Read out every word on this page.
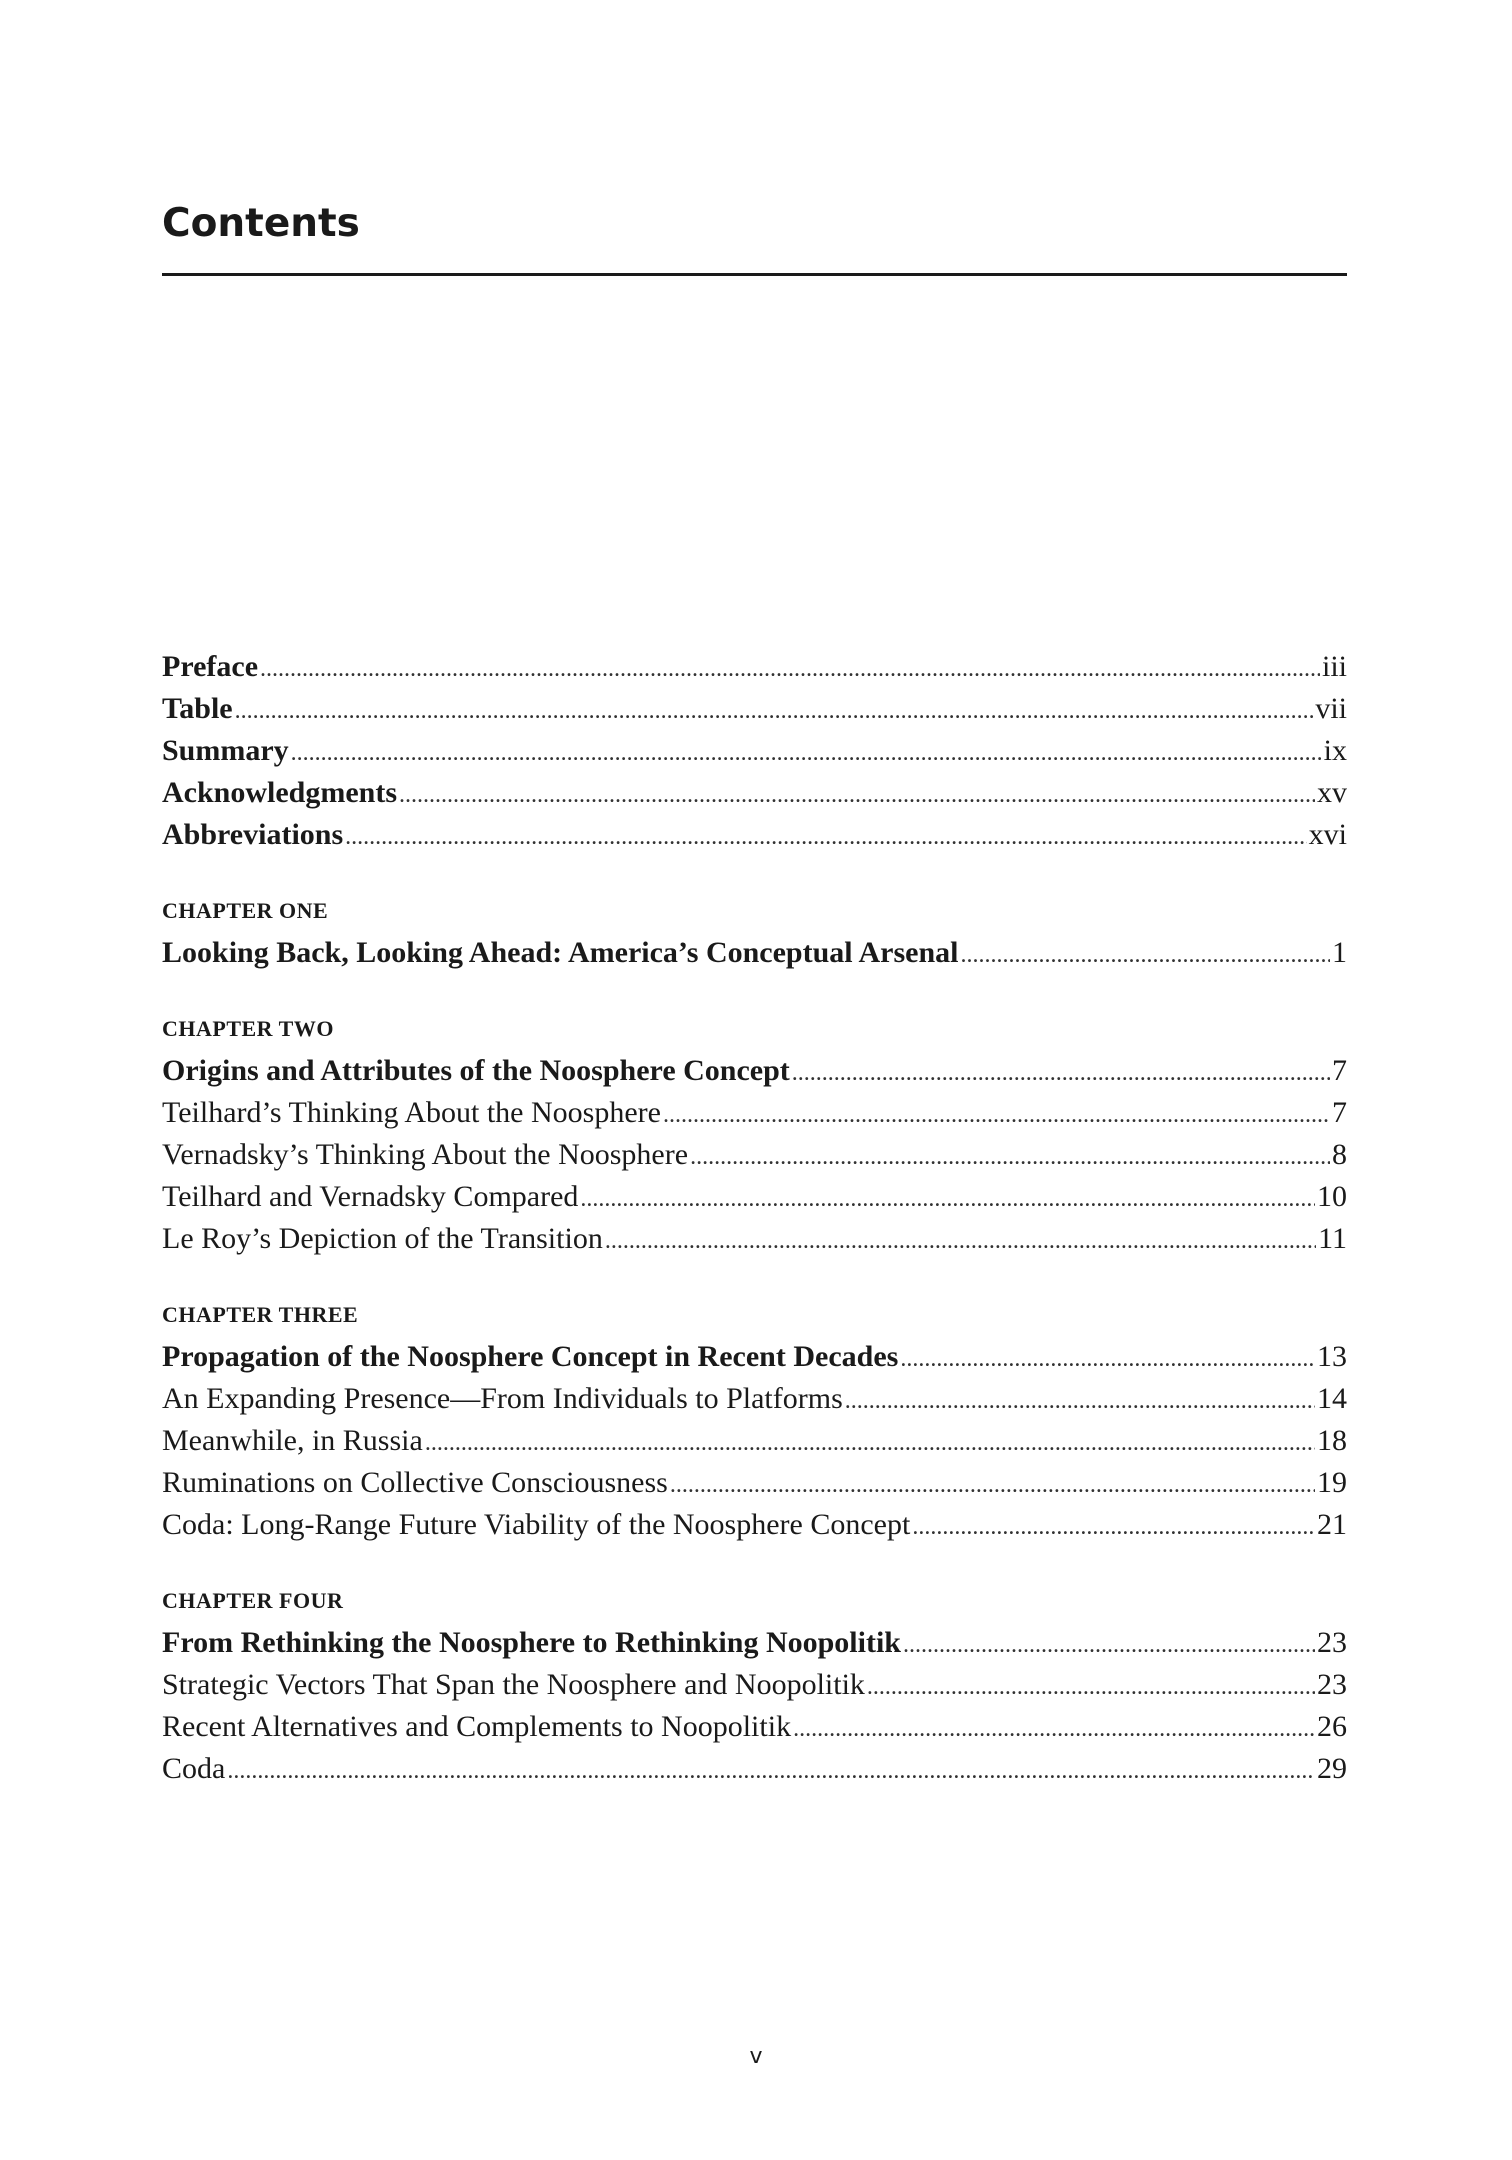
Contents
Preface . . .	iii
Table . . .	vii
Summary . . .	ix
Acknowledgments . . .	xv
Abbreviations . . .	xvi
CHAPTER ONE
Looking Back, Looking Ahead: America’s Conceptual Arsenal . . .	1
CHAPTER TWO
Origins and Attributes of the Noosphere Concept . . .	7
Teilhard’s Thinking About the Noosphere . . .	7
Vernadsky’s Thinking About the Noosphere . . .	8
Teilhard and Vernadsky Compared . . .	10
Le Roy’s Depiction of the Transition . . .	11
CHAPTER THREE
Propagation of the Noosphere Concept in Recent Decades . . .	13
An Expanding Presence—From Individuals to Platforms . . .	14
Meanwhile, in Russia . . .	18
Ruminations on Collective Consciousness . . .	19
Coda: Long-Range Future Viability of the Noosphere Concept . . .	21
CHAPTER FOUR
From Rethinking the Noosphere to Rethinking Noopolitik . . .	23
Strategic Vectors That Span the Noosphere and Noopolitik . . .	23
Recent Alternatives and Complements to Noopolitik . . .	26
Coda . . .	29
v
